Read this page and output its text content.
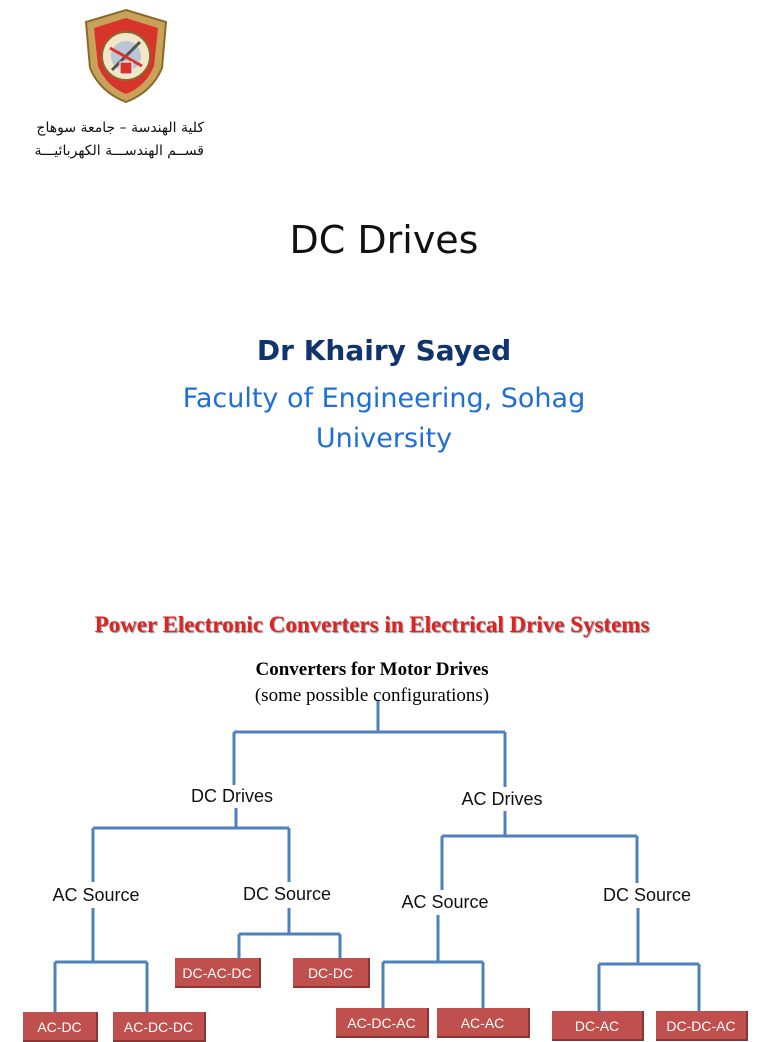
كلية الهندسة – جامعة سوهاج
قســم الهندســـة الكهربائيـــة
DC Drives
Dr Khairy Sayed
Faculty of Engineering, Sohag
University
Power Electronic Converters in Electrical Drive Systems
Converters for Motor Drives
(some possible configurations)
DC Drives	AC Drives
AC Source	DC Source	AC Source	DC Source
DC-AC-DC	DC-DC
AC-DC	AC-DC-DC	AC-DC-AC	AC-AC	DC-AC	DC-DC-AC
